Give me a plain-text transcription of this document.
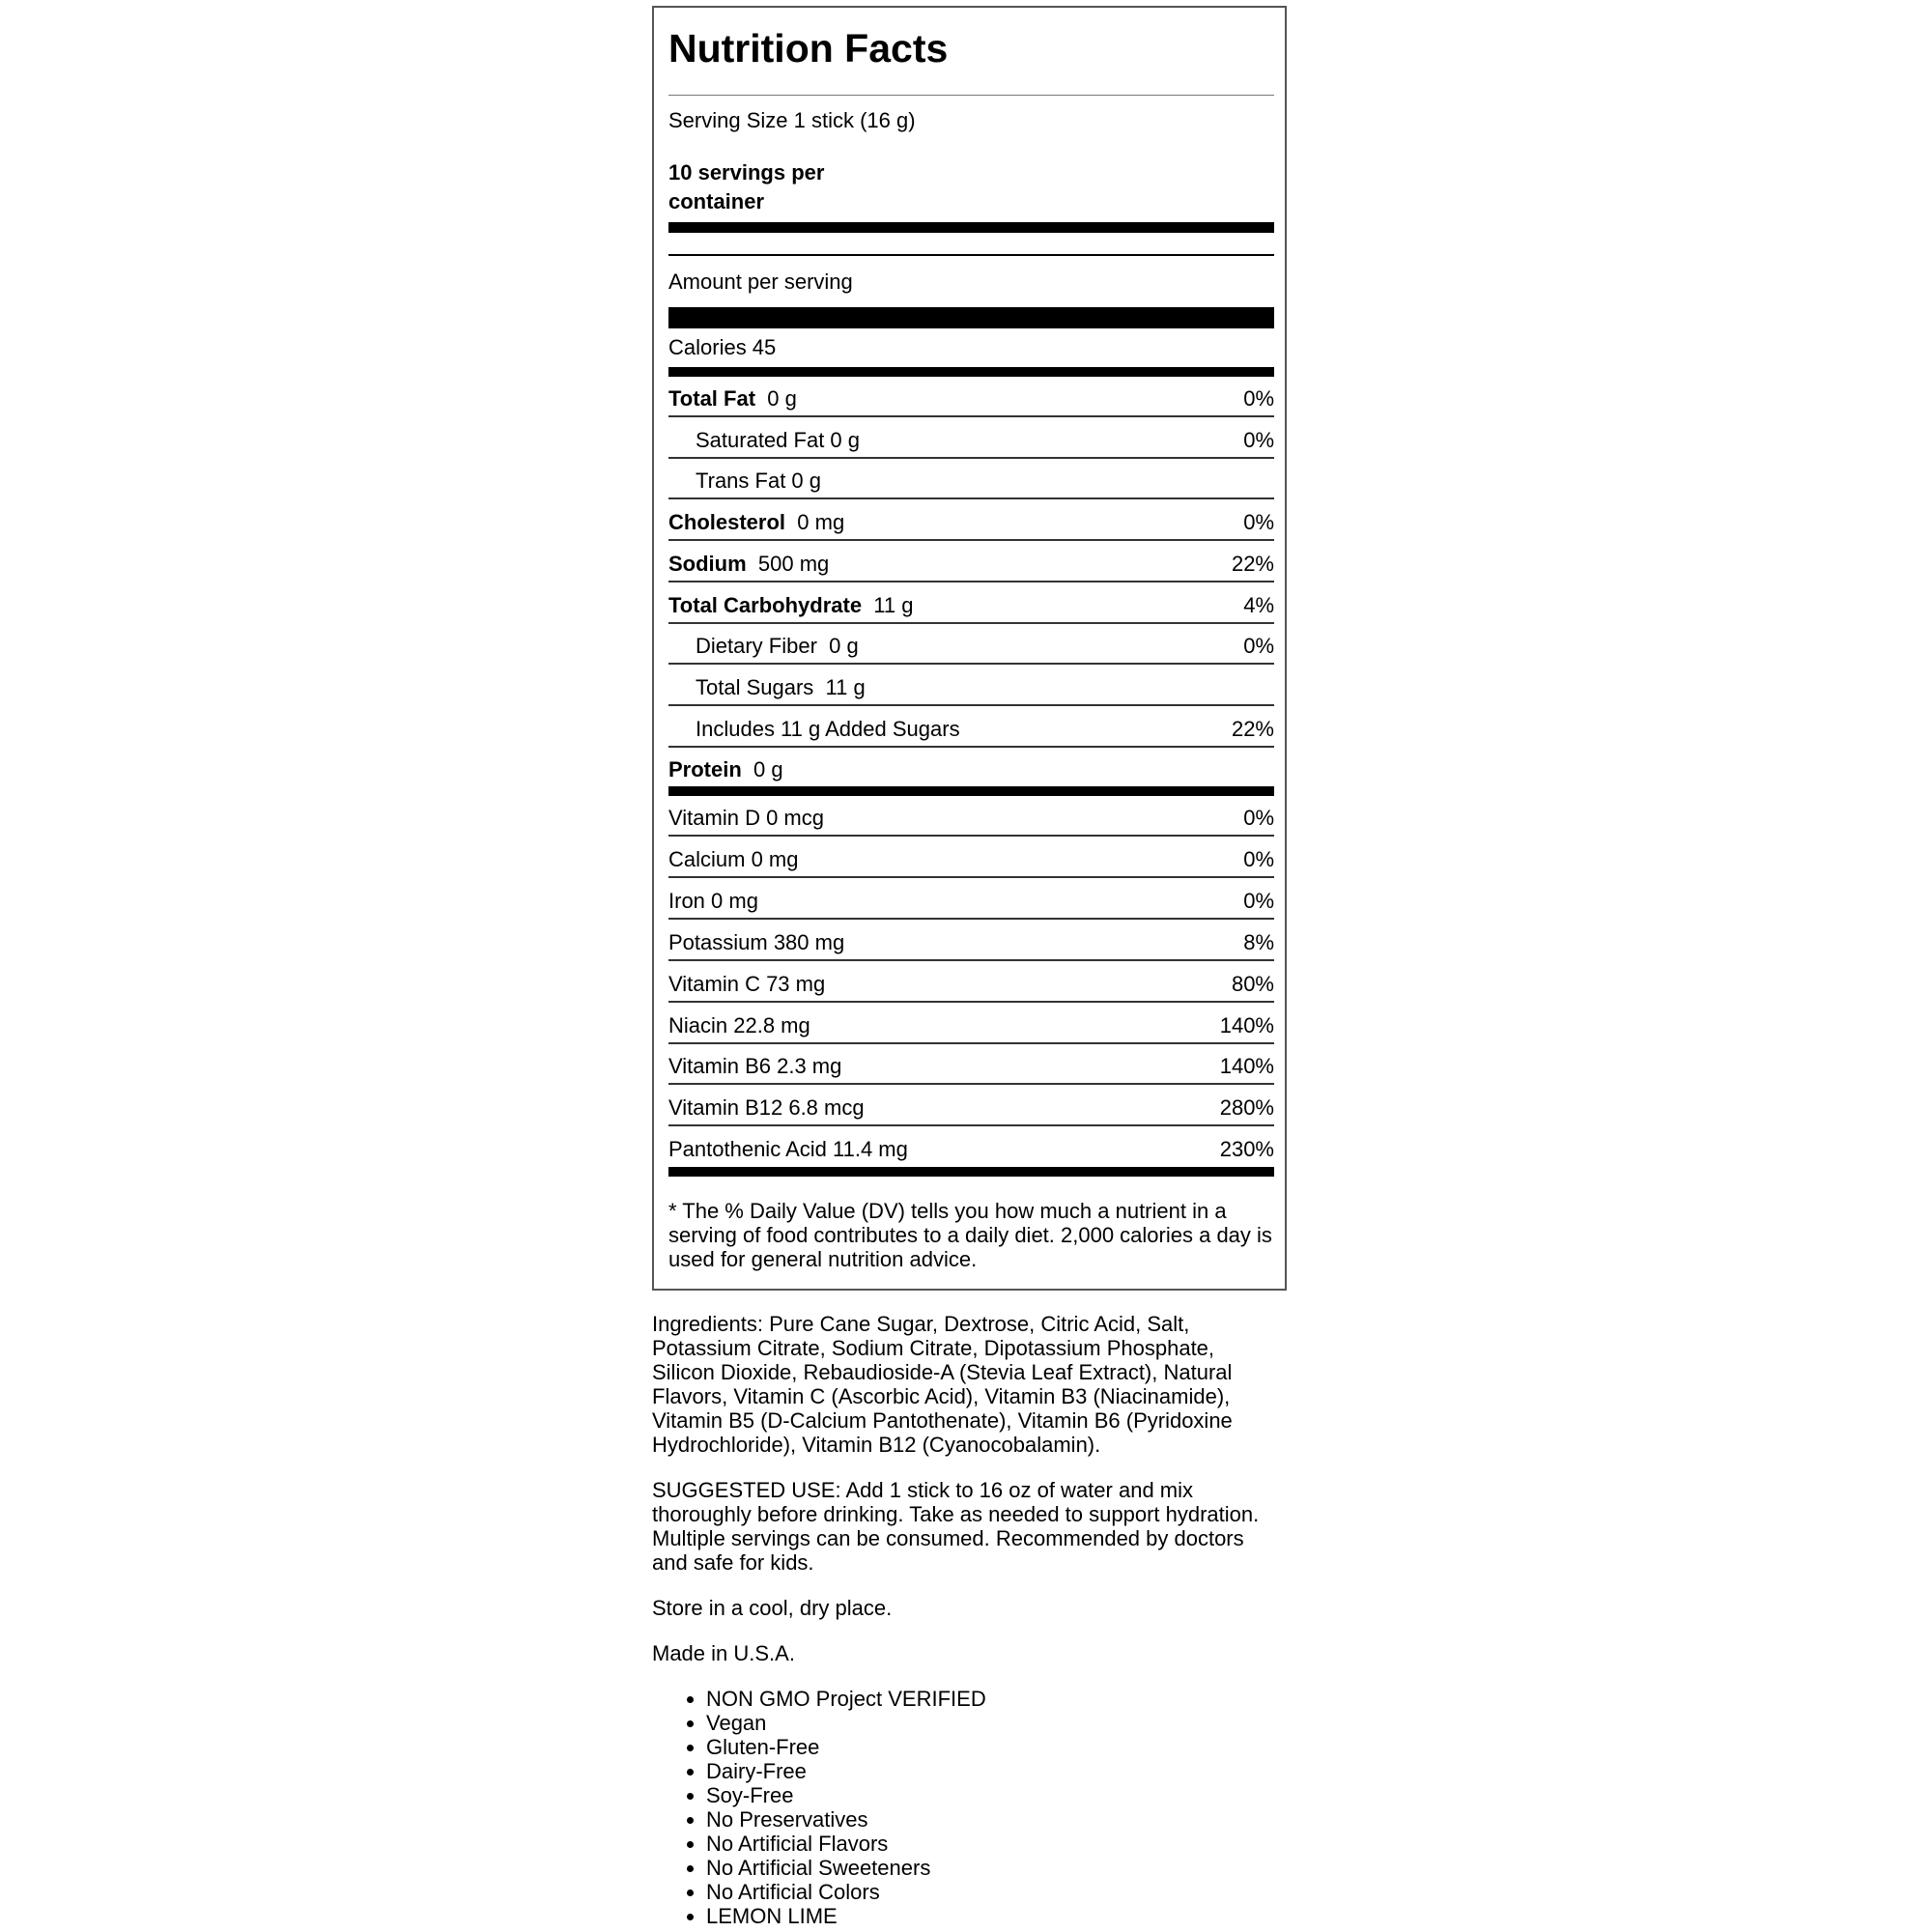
Nutrition Facts
Serving Size 1 stick (16 g)
10 servings per container
Amount per serving
Calories 45
Total Fat 0 g	0%
Saturated Fat 0 g	0%
Trans Fat 0 g
Cholesterol 0 mg	0%
Sodium 500 mg	22%
Total Carbohydrate 11 g	4%
Dietary Fiber 0 g	0%
Total Sugars 11 g
Includes 11 g Added Sugars	22%
Protein 0 g
Vitamin D 0 mcg	0%
Calcium 0 mg	0%
Iron 0 mg	0%
Potassium 380 mg	8%
Vitamin C 73 mg	80%
Niacin 22.8 mg	140%
Vitamin B6 2.3 mg	140%
Vitamin B12 6.8 mcg	280%
Pantothenic Acid 11.4 mg	230%
* The % Daily Value (DV) tells you how much a nutrient in a serving of food contributes to a daily diet. 2,000 calories a day is used for general nutrition advice.

Ingredients: Pure Cane Sugar, Dextrose, Citric Acid, Salt, Potassium Citrate, Sodium Citrate, Dipotassium Phosphate, Silicon Dioxide, Rebaudioside-A (Stevia Leaf Extract), Natural Flavors, Vitamin C (Ascorbic Acid), Vitamin B3 (Niacinamide), Vitamin B5 (D-Calcium Pantothenate), Vitamin B6 (Pyridoxine Hydrochloride), Vitamin B12 (Cyanocobalamin).

SUGGESTED USE: Add 1 stick to 16 oz of water and mix thoroughly before drinking. Take as needed to support hydration. Multiple servings can be consumed. Recommended by doctors and safe for kids.

Store in a cool, dry place.

Made in U.S.A.

• NON GMO Project VERIFIED
• Vegan
• Gluten-Free
• Dairy-Free
• Soy-Free
• No Preservatives
• No Artificial Flavors
• No Artificial Sweeteners
• No Artificial Colors
• LEMON LIME
